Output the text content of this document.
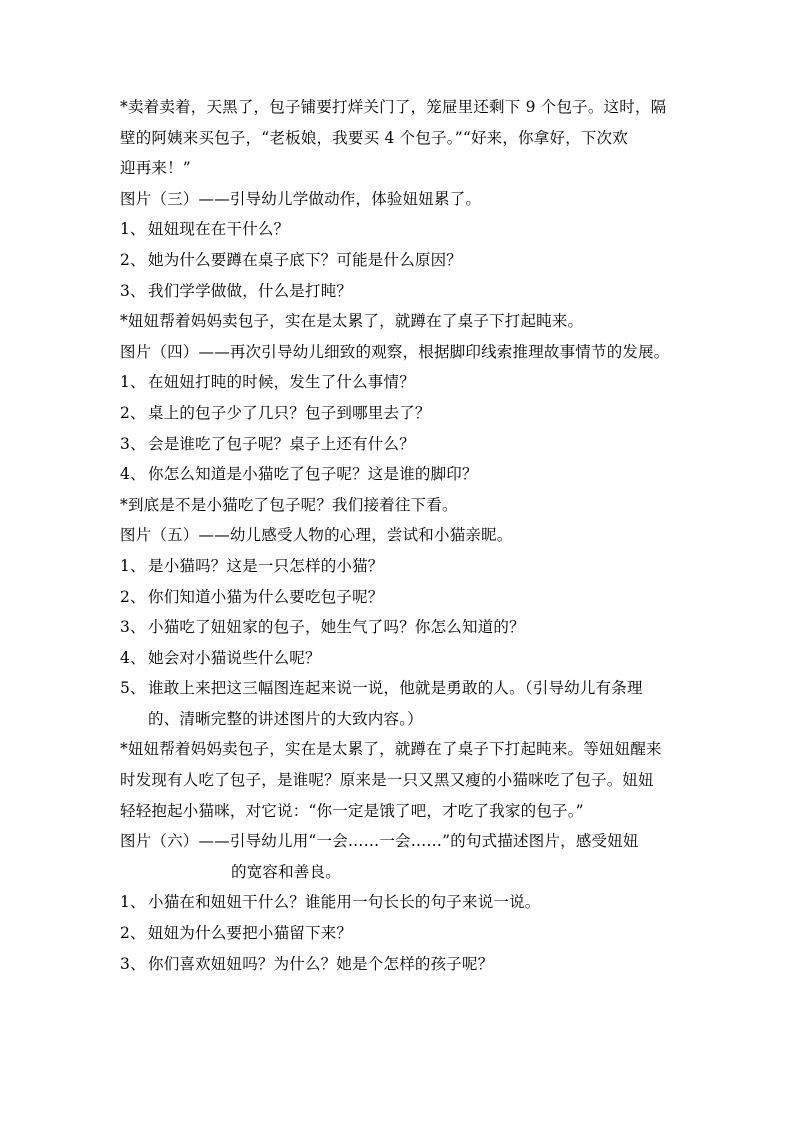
*卖着卖着，天黑了，包子铺要打烊关门了，笼屉里还剩下 9 个包子。这时，隔
壁的阿姨来买包子，“老板娘，我要买 4 个包子。”“好来，你拿好，下次欢
迎再来！”
图片（三）——引导幼儿学做动作，体验妞妞累了。
1、 妞妞现在在干什么？
2、 她为什么要蹲在桌子底下？可能是什么原因？
3、 我们学学做做，什么是打盹？
*妞妞帮着妈妈卖包子，实在是太累了，就蹲在了桌子下打起盹来。
图片（四）——再次引导幼儿细致的观察，根据脚印线索推理故事情节的发展。
1、 在妞妞打盹的时候，发生了什么事情？
2、 桌上的包子少了几只？包子到哪里去了？
3、 会是谁吃了包子呢？桌子上还有什么？
4、 你怎么知道是小猫吃了包子呢？这是谁的脚印？
*到底是不是小猫吃了包子呢？我们接着往下看。
图片（五）——幼儿感受人物的心理，尝试和小猫亲昵。
1、 是小猫吗？这是一只怎样的小猫？
2、 你们知道小猫为什么要吃包子呢？
3、 小猫吃了妞妞家的包子，她生气了吗？你怎么知道的？
4、 她会对小猫说些什么呢？
5、 谁敢上来把这三幅图连起来说一说，他就是勇敢的人。（引导幼儿有条理
的、清晰完整的讲述图片的大致内容。）
*妞妞帮着妈妈卖包子，实在是太累了，就蹲在了桌子下打起盹来。等妞妞醒来
时发现有人吃了包子，是谁呢？原来是一只又黑又瘦的小猫咪吃了包子。妞妞
轻轻抱起小猫咪，对它说：“你一定是饿了吧，才吃了我家的包子。”
图片（六）——引导幼儿用“一会……一会……”的句式描述图片，感受妞妞
的宽容和善良。
1、 小猫在和妞妞干什么？谁能用一句长长的句子来说一说。
2、 妞妞为什么要把小猫留下来？
3、 你们喜欢妞妞吗？为什么？她是个怎样的孩子呢？
